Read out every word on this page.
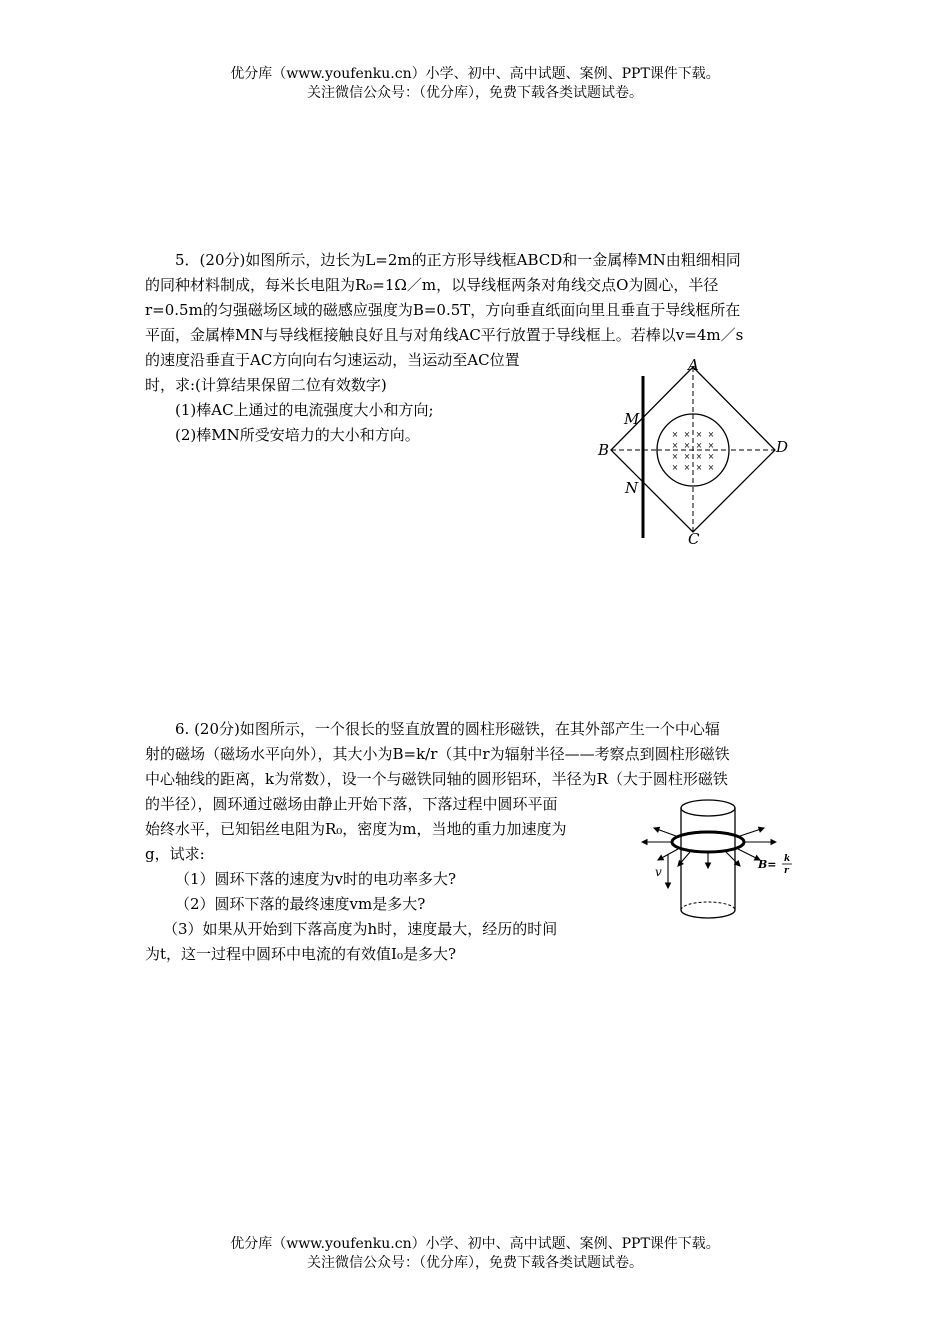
优分库（www.youfenku.cn）小学、初中、高中试题、案例、PPT课件下载。

关注微信公众号：（优分库），免费下载各类试题试卷。

5．(20分)如图所示，边长为L=2m的正方形导线框ABCD和一金属棒MN由粗细相同

的同种材料制成，每米长电阻为R₀=1Ω／m，以导线框两条对角线交点O为圆心，半径

r=0.5m的匀强磁场区域的磁感应强度为B=0.5T，方向垂直纸面向里且垂直于导线框所在

平面，金属棒MN与导线框接触良好且与对角线AC平行放置于导线框上。若棒以v=4m／s

的速度沿垂直于AC方向向右匀速运动，当运动至AC位置

时，求:(计算结果保留二位有效数字)

(1)棒AC上通过的电流强度大小和方向;

(2)棒MN所受安培力的大小和方向。	× × × ×
× × × ×
× × × ×
× × × ×
A
B
C
D
M
N

6. (20分)如图所示，一个很长的竖直放置的圆柱形磁铁，在其外部产生一个中心辐

射的磁场（磁场水平向外），其大小为B=k/r（其中r为辐射半径——考察点到圆柱形磁铁

中心轴线的距离，k为常数），设一个与磁铁同轴的圆形铝环，半径为R（大于圆柱形磁铁

的半径），圆环通过磁场由静止开始下落，下落过程中圆环平面

始终水平，已知铝丝电阻为R₀，密度为m，当地的重力加速度为

g，试求:

（1）圆环下落的速度为v时的电功率多大?

（2）圆环下落的最终速度vm是多大?

（3）如果从开始到下落高度为h时，速度最大，经历的时间

为t，这一过程中圆环中电流的有效值I₀是多大?

v
B= k
r

优分库（www.youfenku.cn）小学、初中、高中试题、案例、PPT课件下载。

关注微信公众号：（优分库），免费下载各类试题试卷。
